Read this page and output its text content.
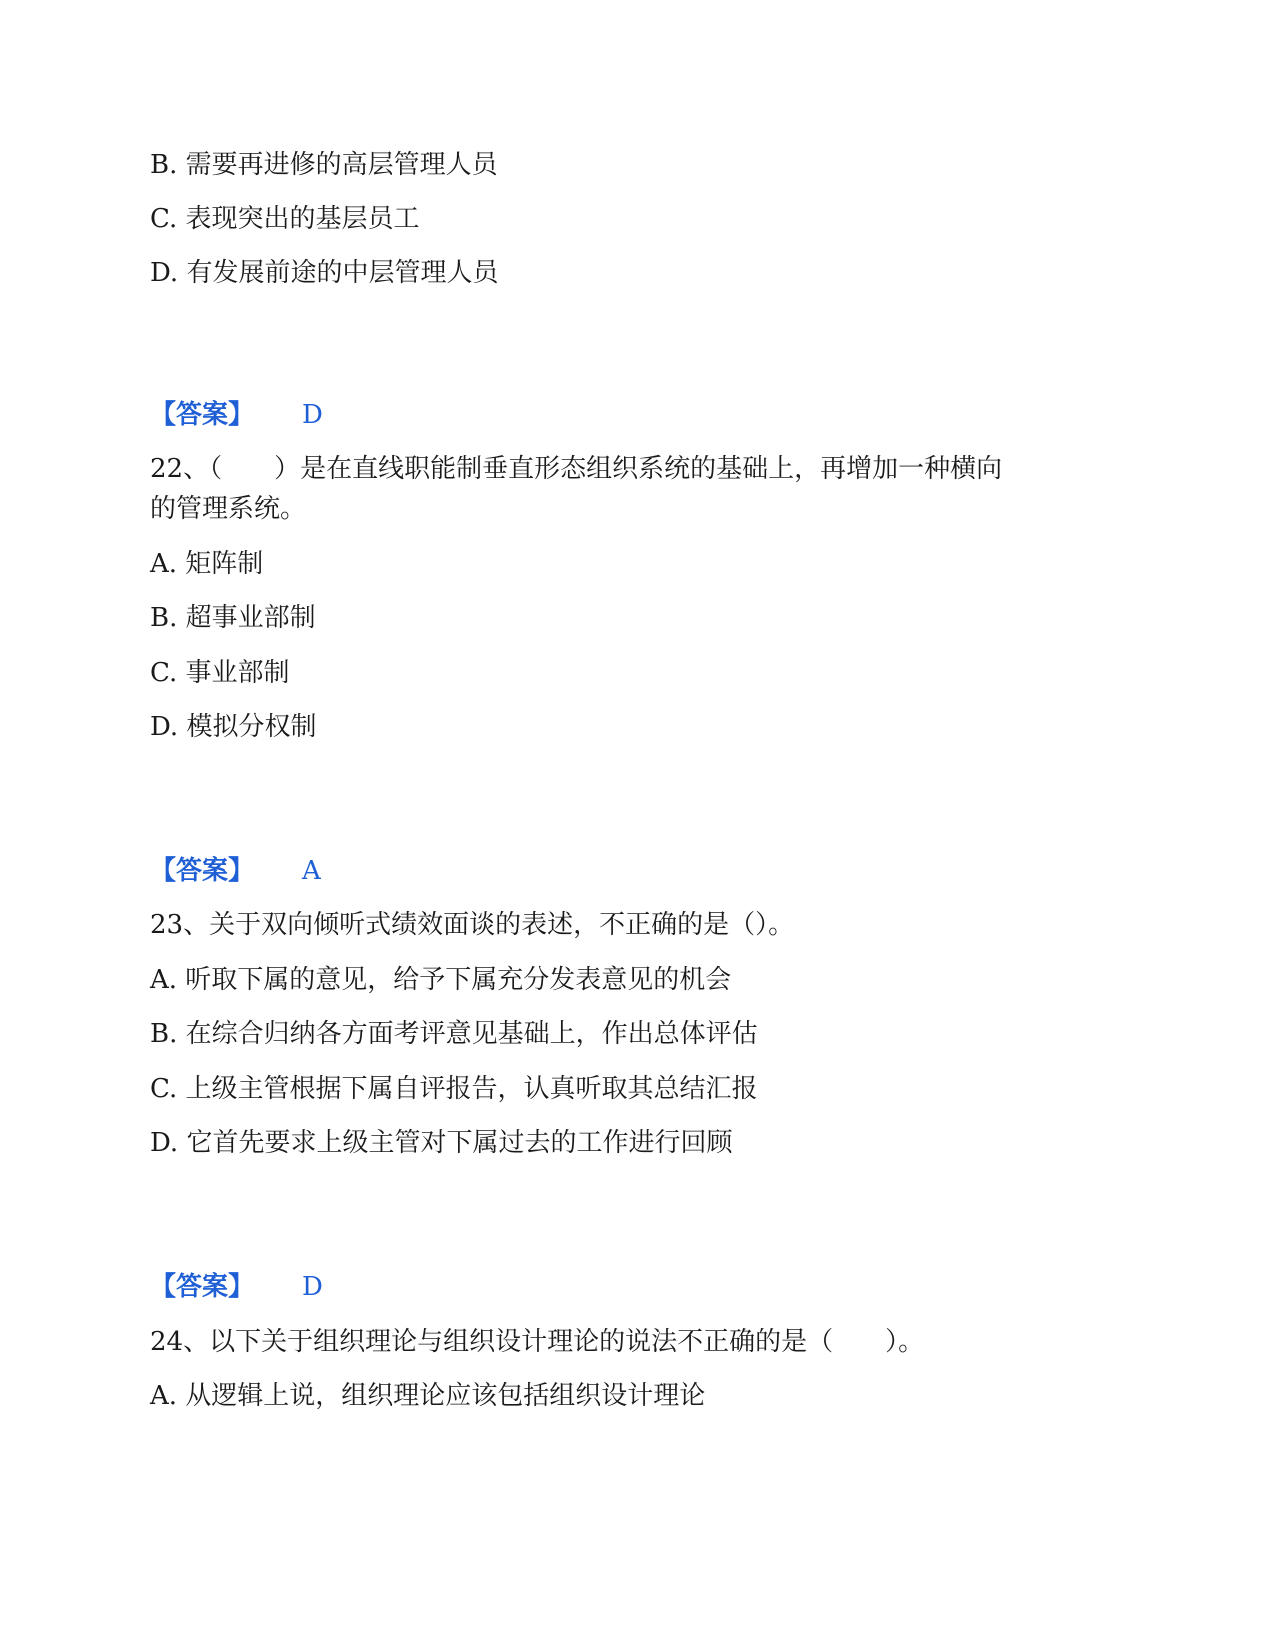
B. 需要再进修的高层管理人员
C. 表现突出的基层员工
D. 有发展前途的中层管理人员
【答案】 D
22、（　　）是在直线职能制垂直形态组织系统的基础上，再增加一种横向
的管理系统。
A. 矩阵制
B. 超事业部制
C. 事业部制
D. 模拟分权制
【答案】 A
23、关于双向倾听式绩效面谈的表述，不正确的是（）。
A. 听取下属的意见，给予下属充分发表意见的机会
B. 在综合归纳各方面考评意见基础上，作出总体评估
C. 上级主管根据下属自评报告，认真听取其总结汇报
D. 它首先要求上级主管对下属过去的工作进行回顾
【答案】 D
24、以下关于组织理论与组织设计理论的说法不正确的是（　　）。
A. 从逻辑上说，组织理论应该包括组织设计理论
